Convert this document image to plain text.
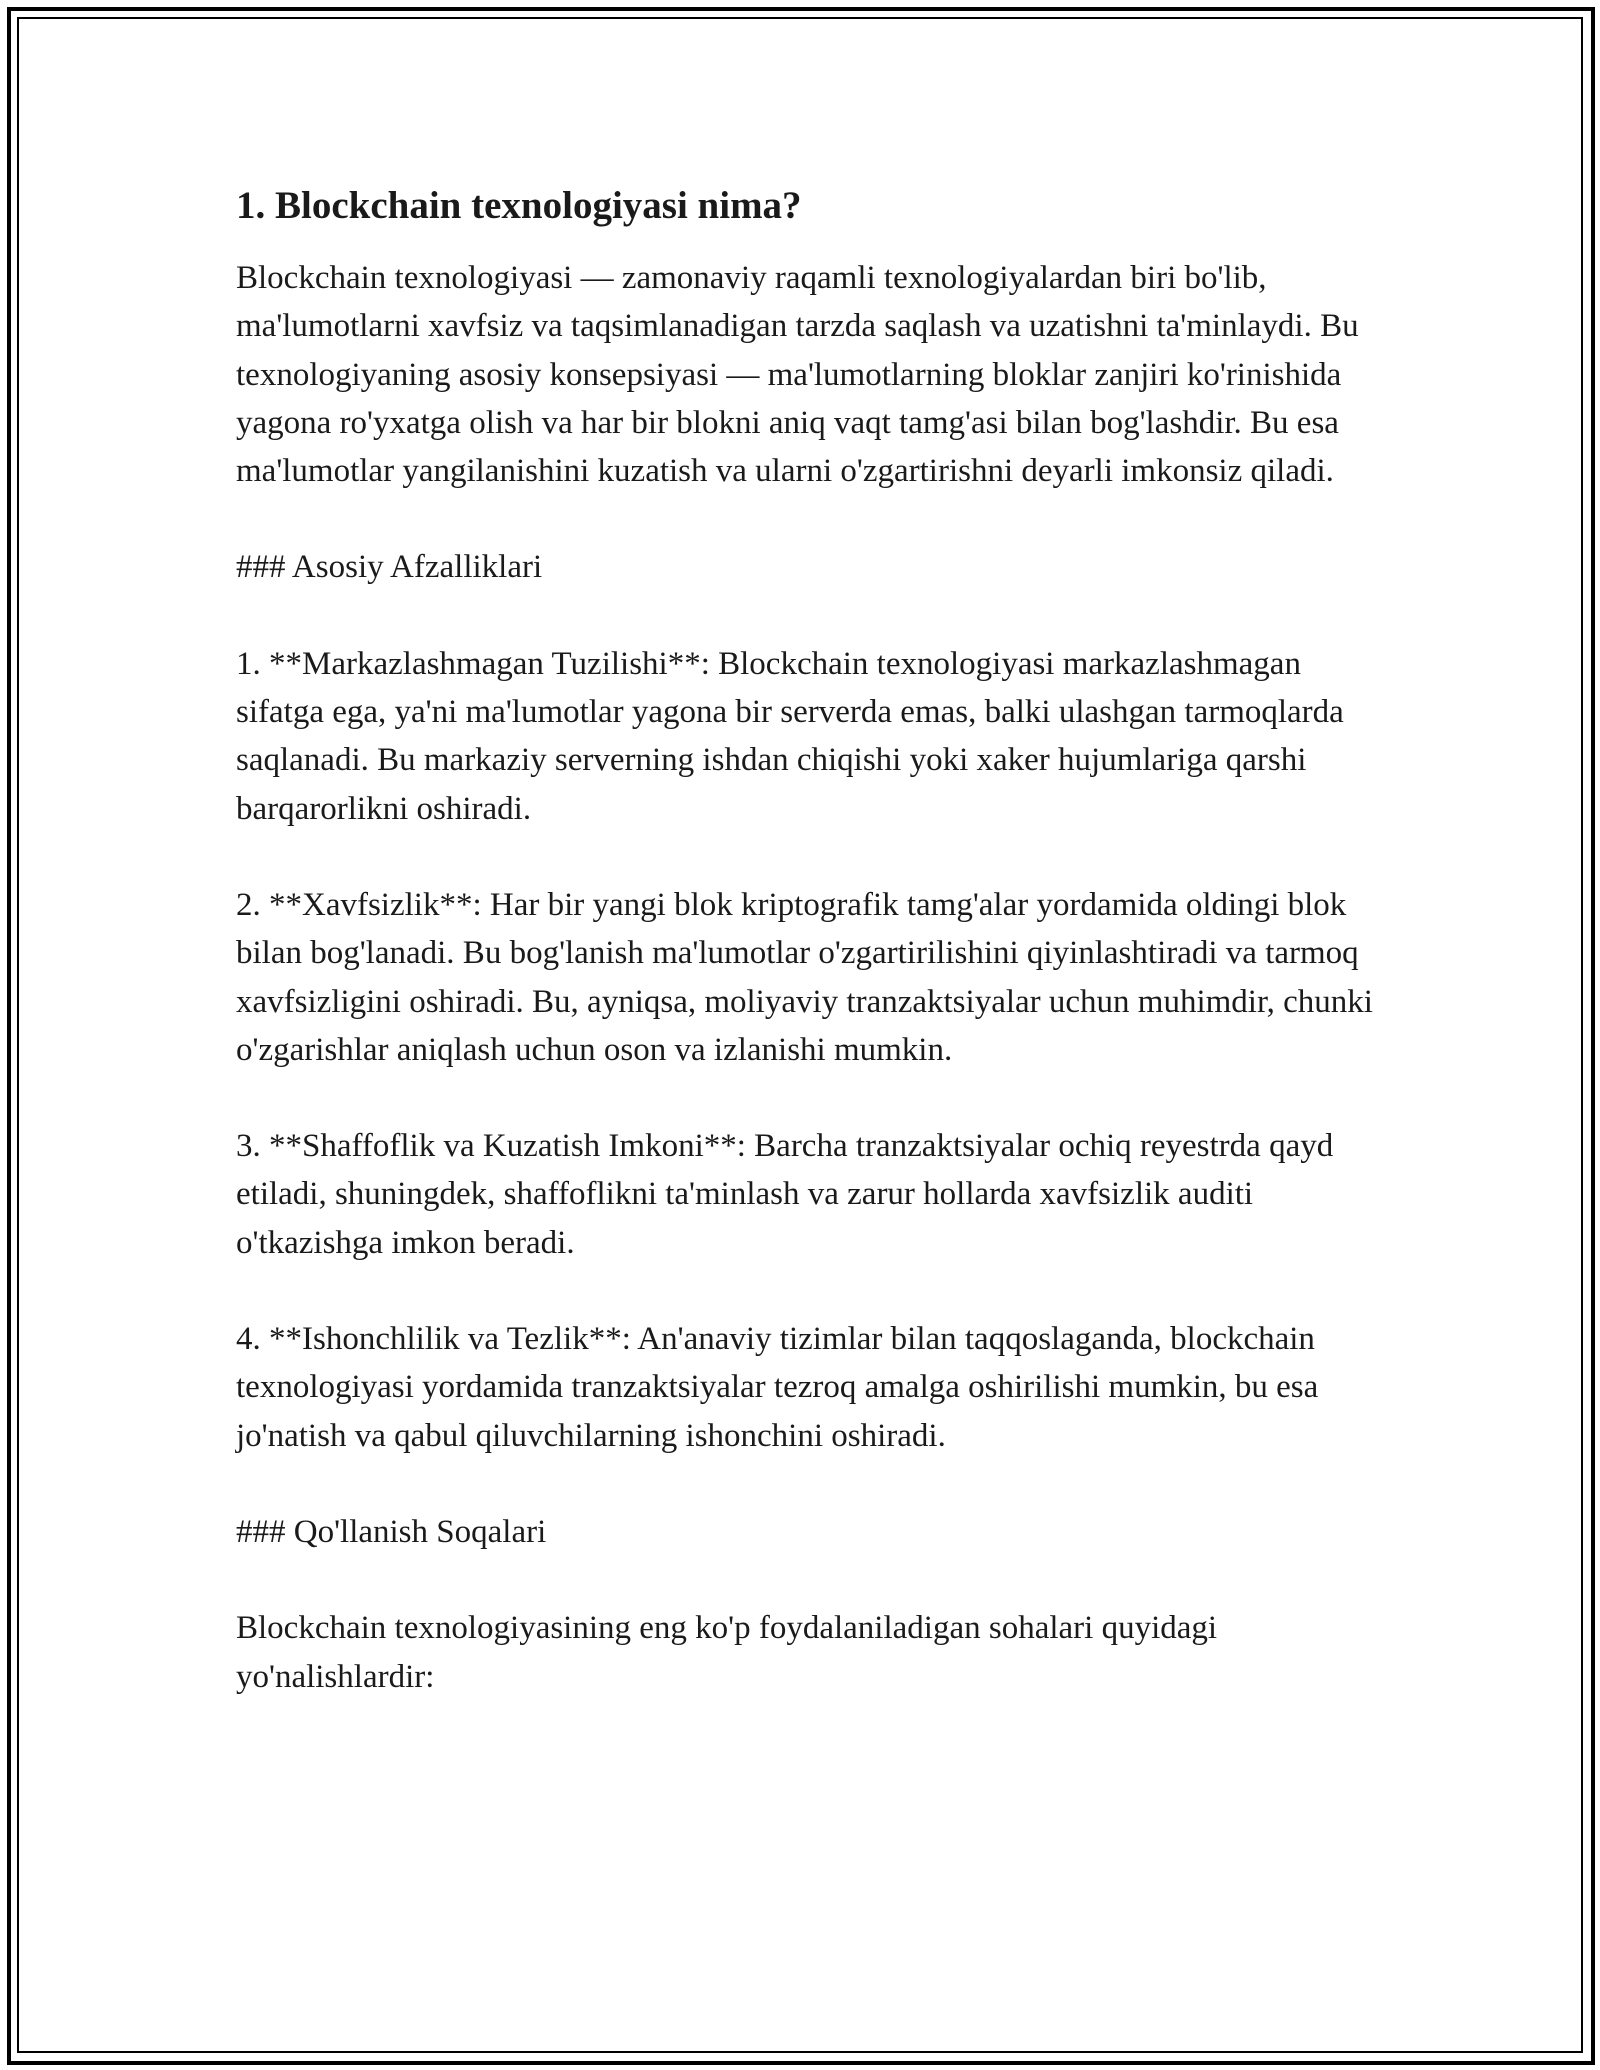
1. Blockchain texnologiyasi nima?

Blockchain texnologiyasi — zamonaviy raqamli texnologiyalardan biri bo'lib, ma'lumotlarni xavfsiz va taqsimlanadigan tarzda saqlash va uzatishni ta'minlaydi. Bu texnologiyaning asosiy konsepsiyasi — ma'lumotlarning bloklar zanjiri ko'rinishida yagona ro'yxatga olish va har bir blokni aniq vaqt tamg'asi bilan bog'lashdir. Bu esa ma'lumotlar yangilanishini kuzatish va ularni o'zgartirishni deyarli imkonsiz qiladi.

### Asosiy Afzalliklari

1. **Markazlashmagan Tuzilishi**: Blockchain texnologiyasi markazlashmagan sifatga ega, ya'ni ma'lumotlar yagona bir serverda emas, balki ulashgan tarmoqlarda saqlanadi. Bu markaziy serverning ishdan chiqishi yoki xaker hujumlariga qarshi barqarorlikni oshiradi.

2. **Xavfsizlik**: Har bir yangi blok kriptografik tamg'alar yordamida oldingi blok bilan bog'lanadi. Bu bog'lanish ma'lumotlar o'zgartirilishini qiyinlashtiradi va tarmoq xavfsizligini oshiradi. Bu, ayniqsa, moliyaviy tranzaktsiyalar uchun muhimdir, chunki o'zgarishlar aniqlash uchun oson va izlanishi mumkin.

3. **Shaffoflik va Kuzatish Imkoni**: Barcha tranzaktsiyalar ochiq reyestrda qayd etiladi, shuningdek, shaffoflikni ta'minlash va zarur hollarda xavfsizlik auditi o'tkazishga imkon beradi.

4. **Ishonchlilik va Tezlik**: An'anaviy tizimlar bilan taqqoslaganda, blockchain texnologiyasi yordamida tranzaktsiyalar tezroq amalga oshirilishi mumkin, bu esa jo'natish va qabul qiluvchilarning ishonchini oshiradi.

### Qo'llanish Soqalari

Blockchain texnologiyasining eng ko'p foydalaniladigan sohalari quyidagi yo'nalishlardir:
